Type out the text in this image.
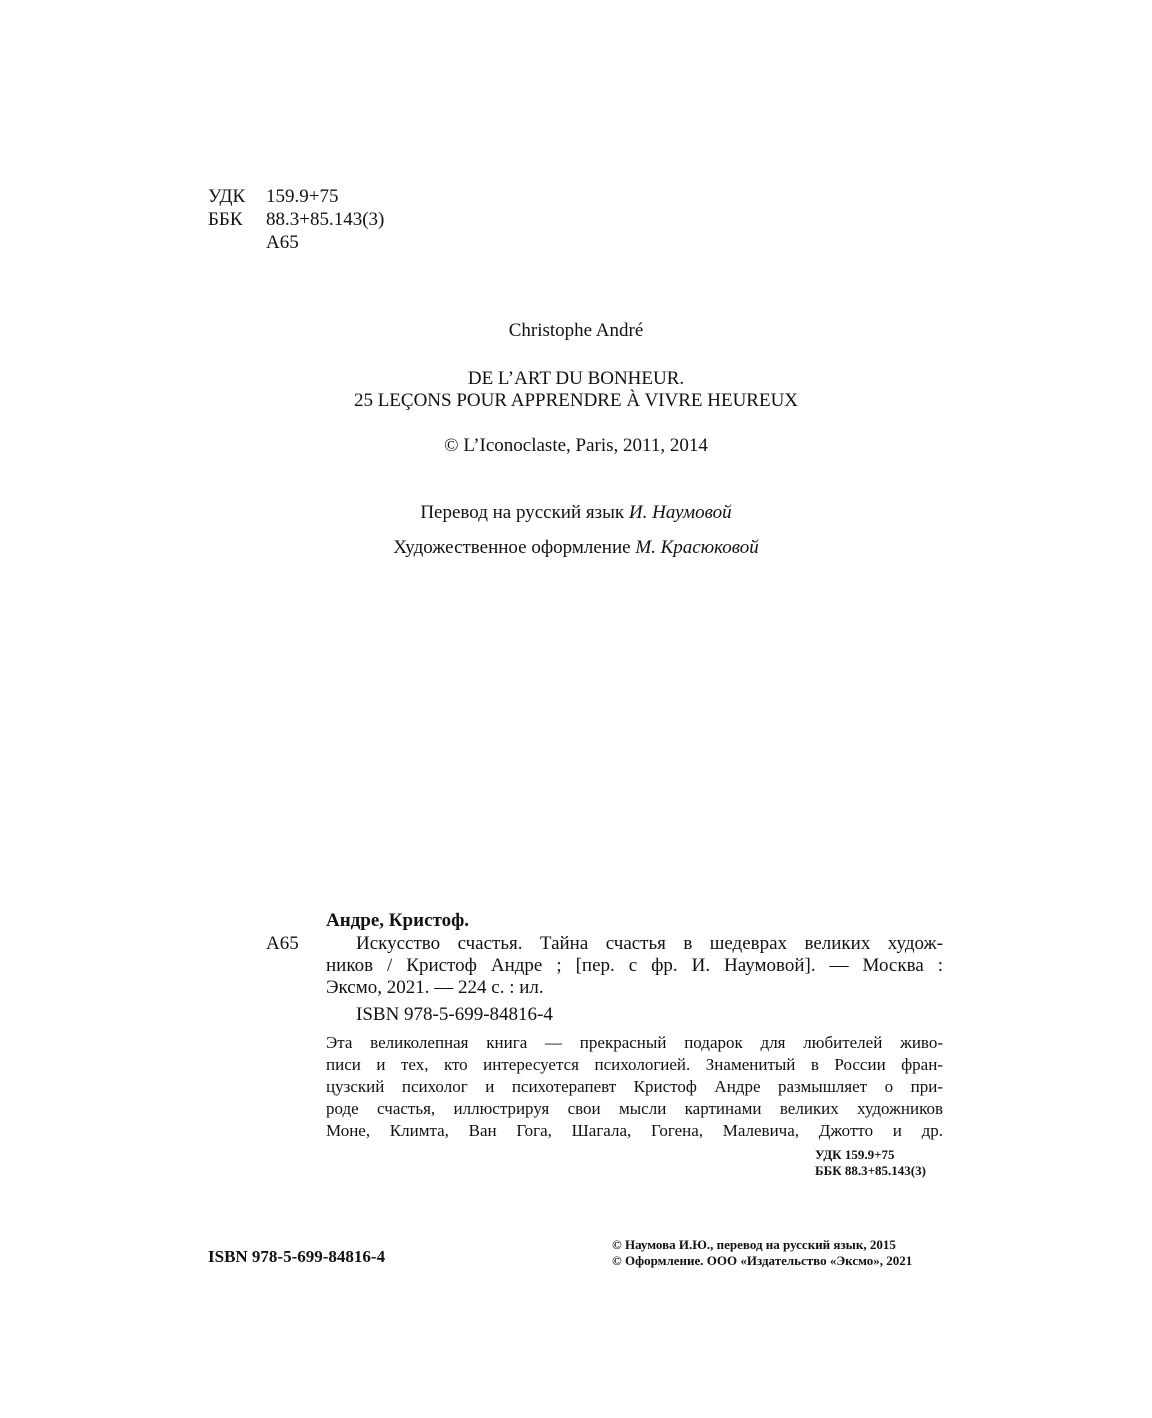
УДК 159.9+75
ББК 88.3+85.143(3)
А65
Christophe André
DE L’ART DU BONHEUR.
25 LEÇONS POUR APPRENDRE À VIVRE HEUREUX
© L’Iconoclaste, Paris, 2011, 2014
Перевод на русский язык И. Наумовой
Художественное оформление М. Красюковой
Андре, Кристоф.
А65	Искусство счастья. Тайна счастья в шедеврах великих худож-
ников / Кристоф Андре ; [пер. с фр. И. Наумовой]. — Москва :
Эксмо, 2021. — 224 с. : ил.
ISBN 978-5-699-84816-4
Эта великолепная книга — прекрасный подарок для любителей живо-
писи и тех, кто интересуется психологией. Знаменитый в России фран-
цузский психолог и психотерапевт Кристоф Андре размышляет о при-
роде счастья, иллюстрируя свои мысли картинами великих художников
Моне, Климта, Ван Гога, Шагала, Гогена, Малевича, Джотто и др.
УДК 159.9+75
ББК 88.3+85.143(3)
ISBN 978-5-699-84816-4
© Наумова И.Ю., перевод на русский язык, 2015
© Оформление. ООО «Издательство «Эксмо», 2021
